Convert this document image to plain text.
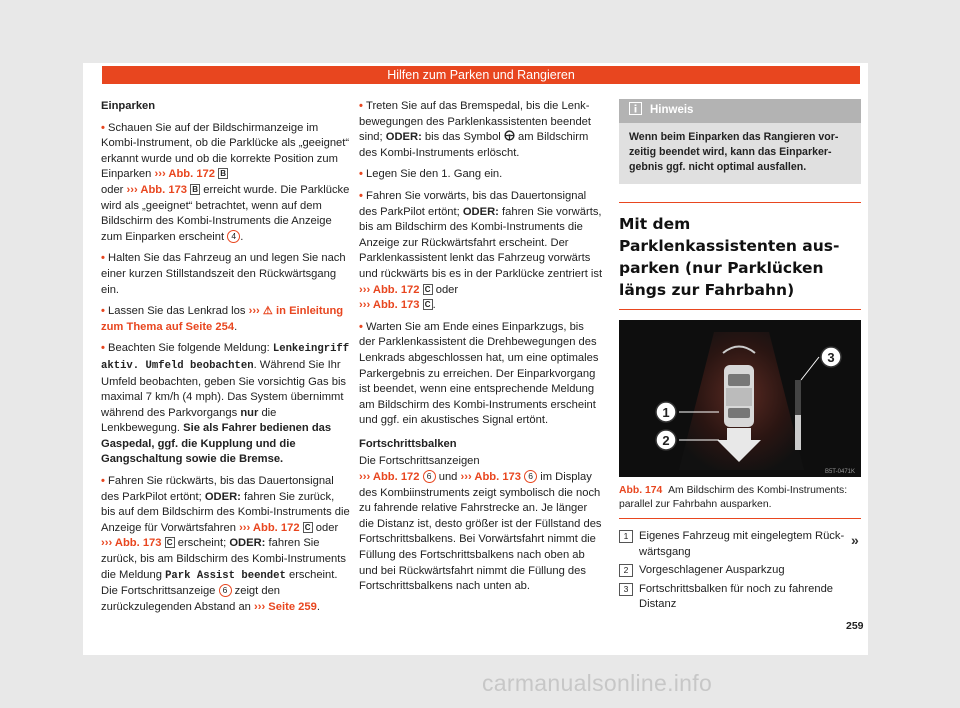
Hilfen zum Parken und Rangieren

Einparken

• Schauen Sie auf der Bildschirmanzeige im Kombi-Instrument, ob die Parklücke als „geeignet“ erkannt wurde und ob die korrekte Position zum Einparken ››› Abb. 172 B
oder ››› Abb. 173 B erreicht wurde. Die Parklücke wird als „geeignet“ betrachtet, wenn auf dem Bildschirm des Kombi-Instruments die Anzeige zum Einparken erscheint 4 .

• Halten Sie das Fahrzeug an und legen Sie nach einer kurzen Stillstandszeit den Rückwärtsgang ein.

• Lassen Sie das Lenkrad los ››› ⚠ in Einleitung zum Thema auf Seite 254.

• Beachten Sie folgende Meldung: Lenkeingriff aktiv. Umfeld beobachten. Während Sie Ihr Umfeld beobachten, geben Sie vorsichtig Gas bis maximal 7 km/h (4 mph). Das System übernimmt während des Parkvorgangs nur die Lenkbewegung. Sie als Fahrer bedienen das Gaspedal, ggf. die Kupplung und die Gangschaltung sowie die Bremse.

• Fahren Sie rückwärts, bis das Dauertonsignal des ParkPilot ertönt; ODER: fahren Sie zurück, bis auf dem Bildschirm des Kombi-Instruments die Anzeige für Vorwärtsfahren ››› Abb. 172 C oder ››› Abb. 173 C erscheint; ODER: fahren Sie zurück, bis am Bildschirm des Kombi-Instruments die Meldung Park Assist beendet erscheint. Die Fortschrittsanzeige 6 zeigt den zurückzulegenden Abstand an ››› Seite 259.

• Treten Sie auf das Bremspedal, bis die Lenkbewegungen des Parklenkassistenten beendet sind; ODER: bis das Symbol am Bildschirm des Kombi-Instruments erlöscht.

• Legen Sie den 1. Gang ein.

• Fahren Sie vorwärts, bis das Dauertonsignal des ParkPilot ertönt; ODER: fahren Sie vorwärts, bis am Bildschirm des Kombi-Instruments die Anzeige zur Rückwärtsfahrt erscheint. Der Parklenkassistent lenkt das Fahrzeug vorwärts und rückwärts bis es in der Parklücke zentriert ist ››› Abb. 172 C oder
››› Abb. 173 C .

• Warten Sie am Ende eines Einparkzugs, bis der Parklenkassistent die Drehbewegungen des Lenkrads abgeschlossen hat, um eine optimales Parkergebnis zu erreichen. Der Einparkvorgang ist beendet, wenn eine entsprechende Meldung am Bildschirm des Kombi-Instruments erscheint und ggf. ein akustisches Signal ertönt.

Fortschrittsbalken

Die Fortschrittsanzeigen
››› Abb. 172 6 und ››› Abb. 173 6 im Display des Kombiinstruments zeigt symbolisch die noch zu fahrende relative Fahrstrecke an. Je länger die Distanz ist, desto größer ist der Füllstand des Fortschrittsbalkens. Bei Vorwärtsfahrt nimmt die Füllung des Fortschrittsbalkens nach oben ab und bei Rückwärtsfahrt nimmt die Füllung des Fortschrittsbalkens nach unten ab.

Hinweis
Wenn beim Einparken das Rangieren vorzeitig beendet wird, kann das Einparkergebnis ggf. nicht optimal ausfallen.
Mit dem Parklenkassistenten ausparken (nur Parklücken längs zur Fahrbahn)
1
2
3
B5T-0471K
Abb. 174 Am Bildschirm des Kombi-Instruments: parallel zur Fahrbahn ausparken.
1 Eigenes Fahrzeug mit eingelegtem Rückwärtsgang
2 Vorgeschlagener Ausparkzug
3 Fortschrittsbalken für noch zu fahrende Distanz
»
259
carmanualsonline.info
